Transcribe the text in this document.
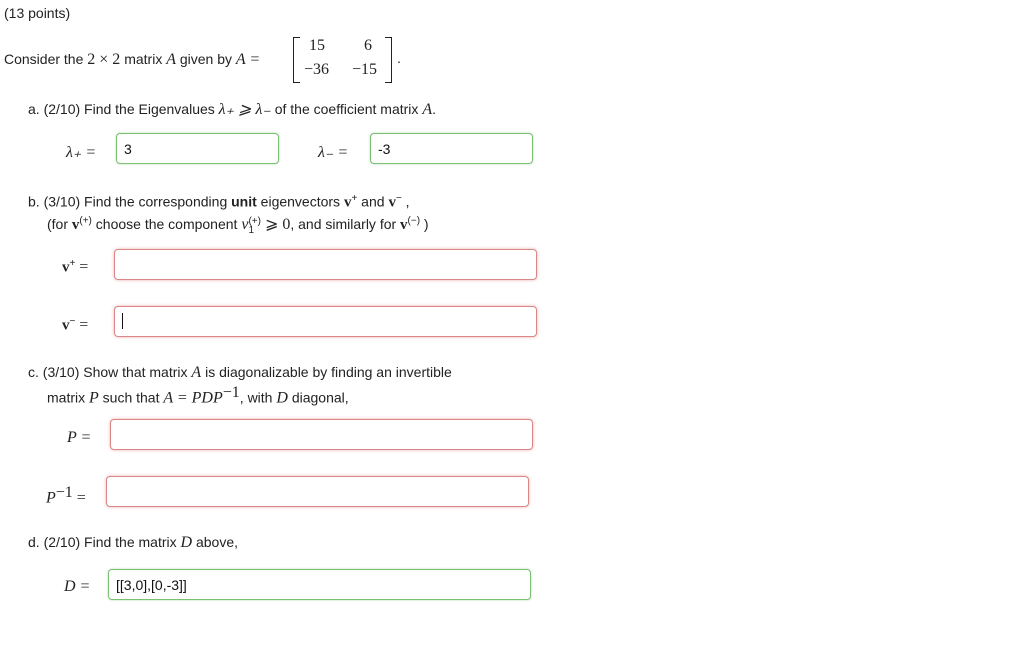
(13 points)
Consider the 2 × 2 matrix A given by A =
15 6
−36 −15
.
a. (2/10) Find the Eigenvalues λ₊ ⩾ λ₋ of the coefficient matrix A.
λ₊ =
3	λ₋ =
-3
b. (3/10) Find the corresponding unit eigenvectors v+ and v− ,
(for v(+) choose the component v(+)
1 ⩾ 0, and similarly for v(−) )
v+ =
v− =
c. (3/10) Show that matrix A is diagonalizable by finding an invertible
matrix P such that $A = PDP^{-1}$, with D diagonal,
P =
$P^{-1}$ =
d. (2/10) Find the matrix D above,
D =
[[3,0],[0,-3]]
